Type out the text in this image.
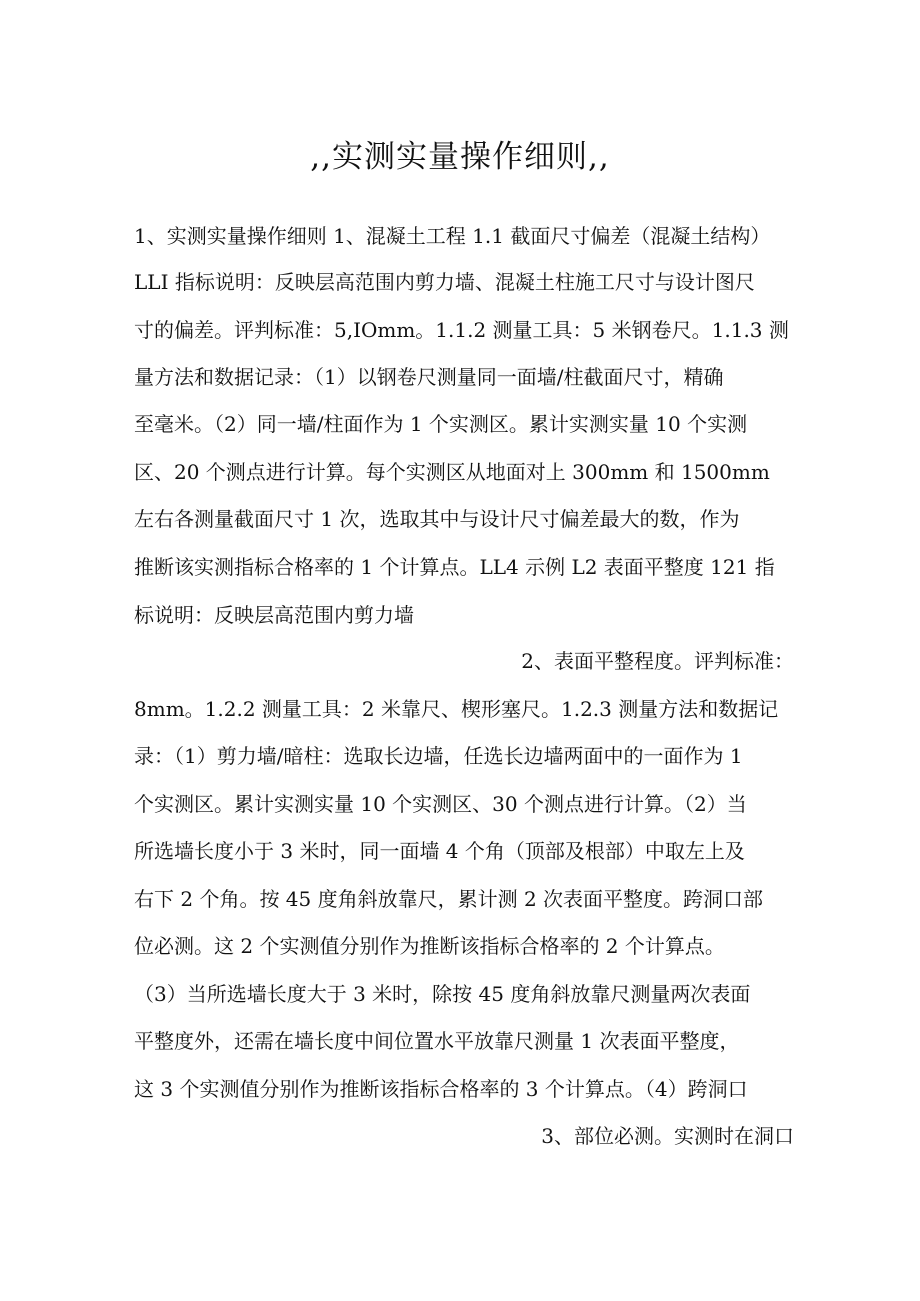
,,实测实量操作细则,,
1、实测实量操作细则 1、混凝土工程 1.1 截面尺寸偏差（混凝土结构）
LLI 指标说明：反映层高范围内剪力墙、混凝土柱施工尺寸与设计图尺
寸的偏差。评判标准：5,IOmm。1.1.2 测量工具：5 米钢卷尺。1.1.3 测
量方法和数据记录：（1）以钢卷尺测量同一面墙/柱截面尺寸，精确
至毫米。（2）同一墙/柱面作为 1 个实测区。累计实测实量 10 个实测
区、20 个测点进行计算。每个实测区从地面对上 300mm 和 1500mm
左右各测量截面尺寸 1 次，选取其中与设计尺寸偏差最大的数，作为
推断该实测指标合格率的 1 个计算点。LL4 示例 L2 表面平整度 121 指
标说明：反映层高范围内剪力墙
2、表面平整程度。评判标准：
8mm。1.2.2 测量工具：2 米靠尺、楔形塞尺。1.2.3 测量方法和数据记
录：（1）剪力墙/暗柱：选取长边墙，任选长边墙两面中的一面作为 1
个实测区。累计实测实量 10 个实测区、30 个测点进行计算。（2）当
所选墙长度小于 3 米时，同一面墙 4 个角（顶部及根部）中取左上及
右下 2 个角。按 45 度角斜放靠尺，累计测 2 次表面平整度。跨洞口部
位必测。这 2 个实测值分别作为推断该指标合格率的 2 个计算点。
（3）当所选墙长度大于 3 米时，除按 45 度角斜放靠尺测量两次表面
平整度外，还需在墙长度中间位置水平放靠尺测量 1 次表面平整度，
这 3 个实测值分别作为推断该指标合格率的 3 个计算点。（4）跨洞口
3、部位必测。实测时在洞口
